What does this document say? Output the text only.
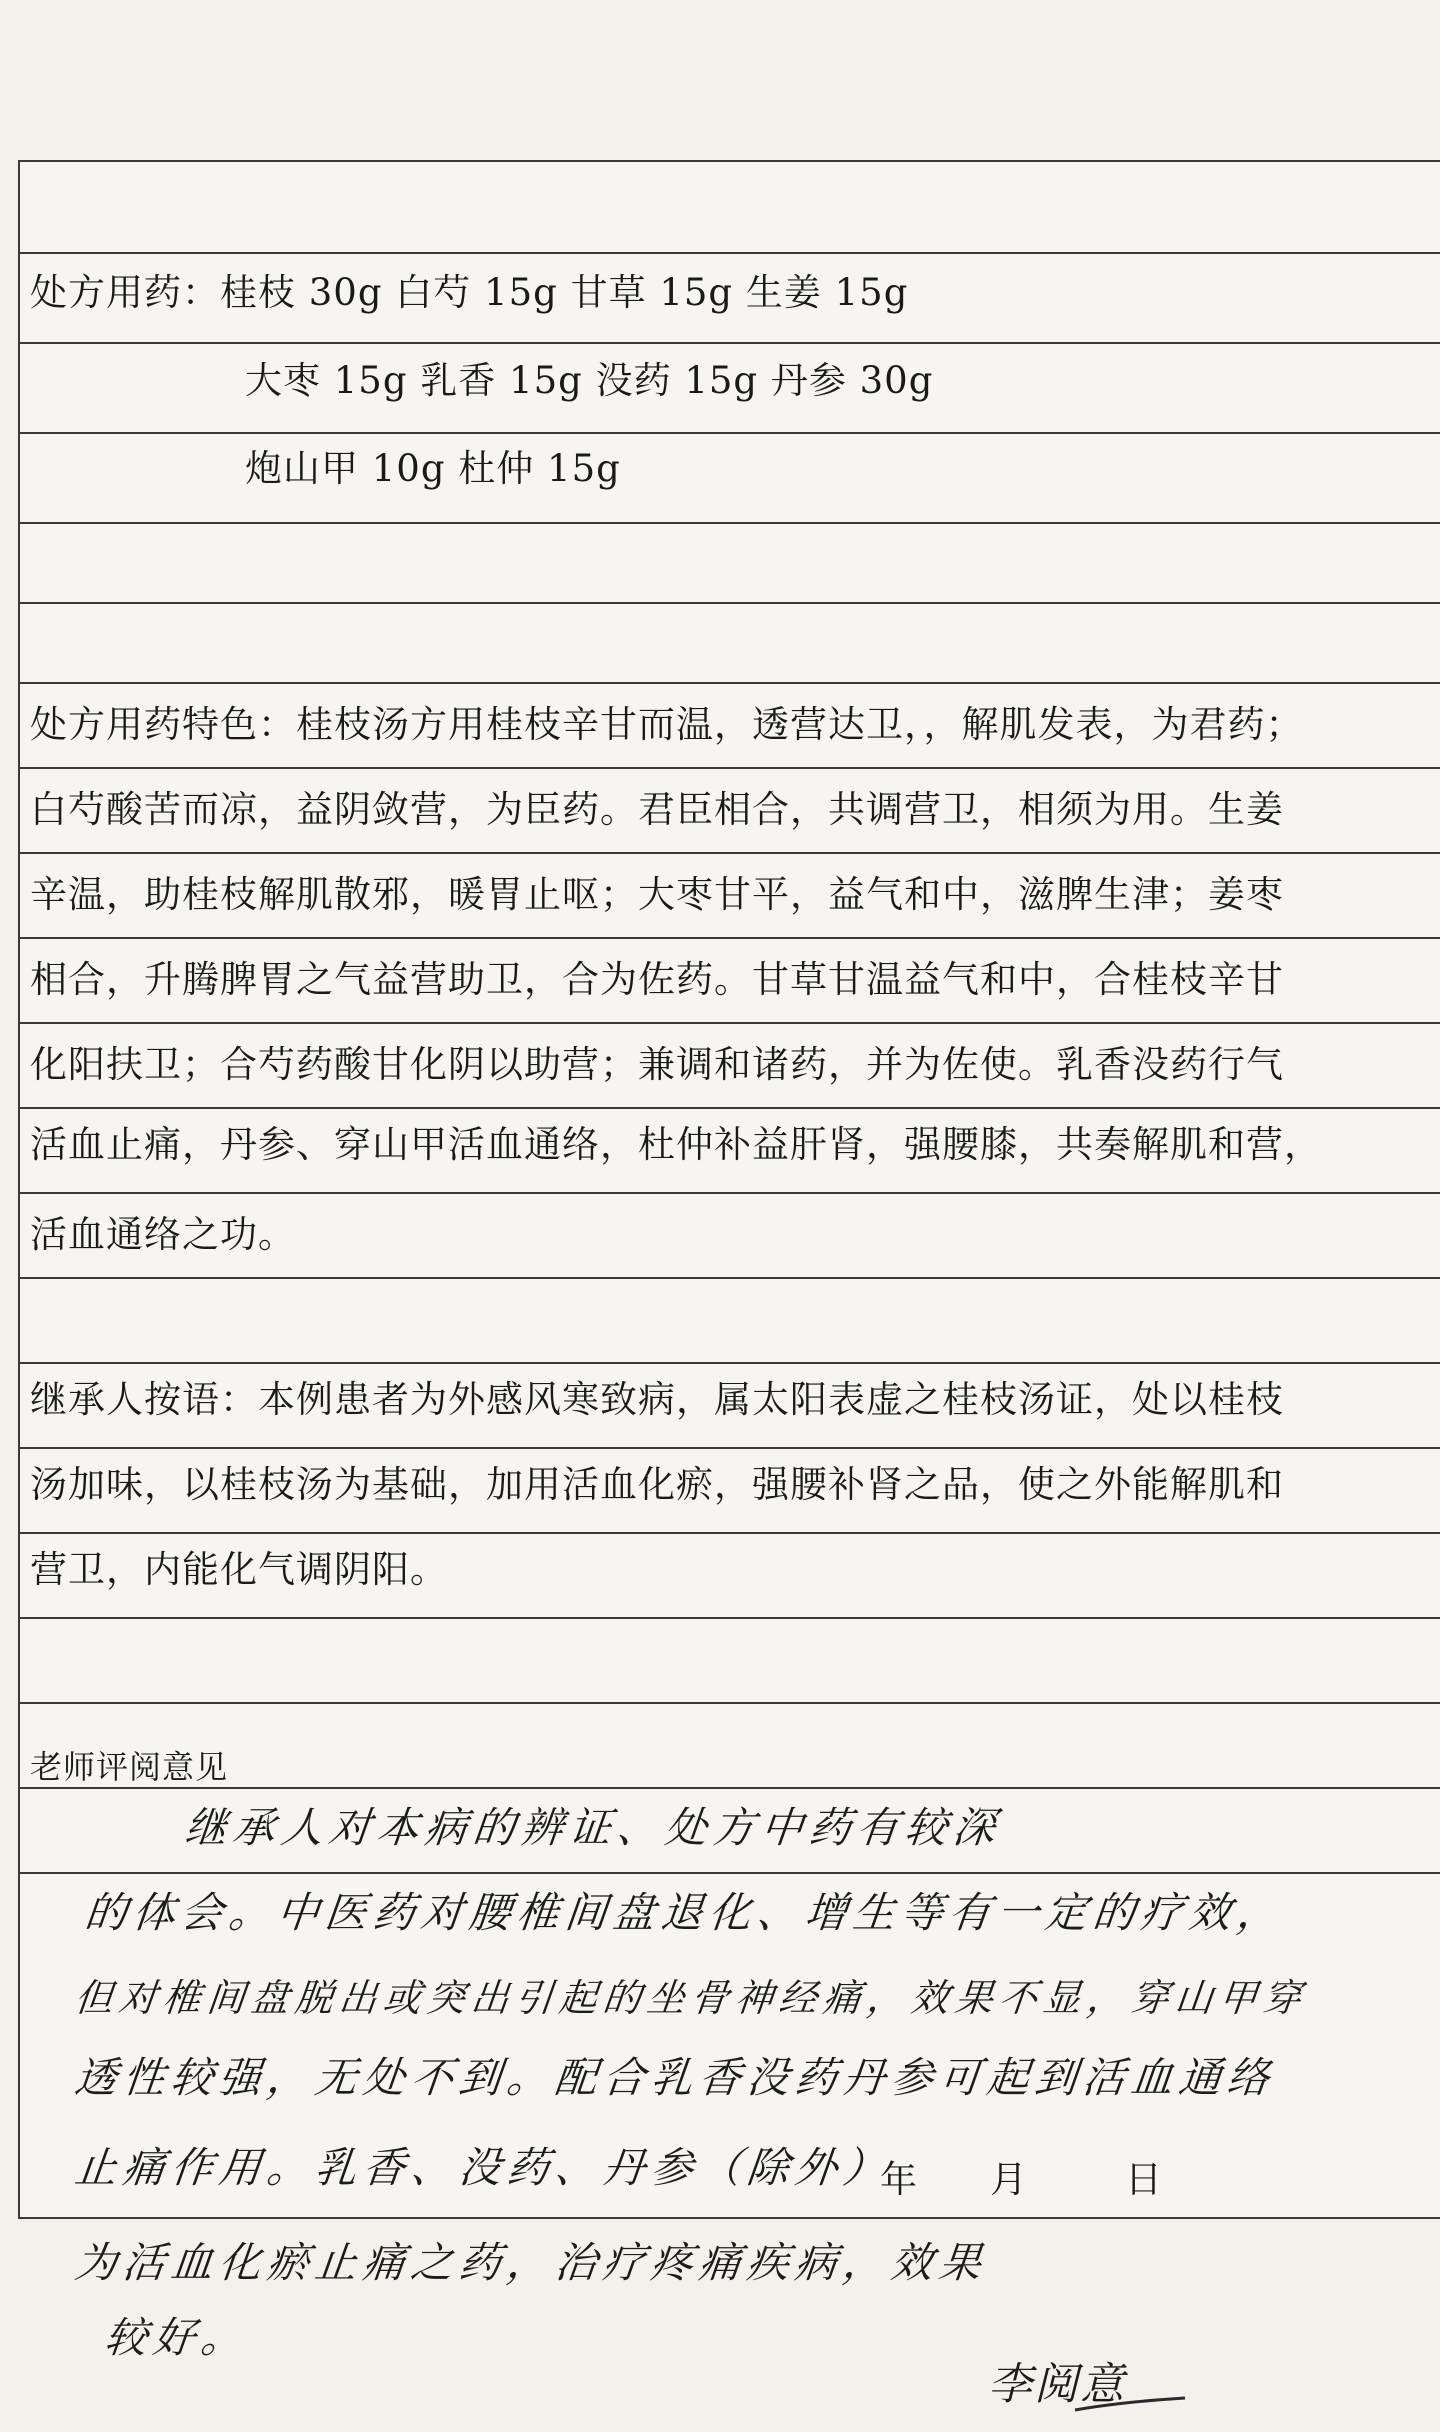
处方用药：桂枝 30g 白芍 15g 甘草 15g 生姜 15g
大枣 15g 乳香 15g 没药 15g 丹参 30g
炮山甲 10g 杜仲 15g
处方用药特色：桂枝汤方用桂枝辛甘而温，透营达卫，，解肌发表，为君药；
白芍酸苦而凉，益阴敛营，为臣药。君臣相合，共调营卫，相须为用。生姜
辛温，助桂枝解肌散邪，暖胃止呕；大枣甘平，益气和中，滋脾生津；姜枣
相合，升腾脾胃之气益营助卫，合为佐药。甘草甘温益气和中，合桂枝辛甘
化阳扶卫；合芍药酸甘化阴以助营；兼调和诸药，并为佐使。乳香没药行气
活血止痛，丹参、穿山甲活血通络，杜仲补益肝肾，强腰膝，共奏解肌和营，
活血通络之功。
继承人按语：本例患者为外感风寒致病，属太阳表虚之桂枝汤证，处以桂枝
汤加味，以桂枝汤为基础，加用活血化瘀，强腰补肾之品，使之外能解肌和
营卫，内能化气调阴阳。
老师评阅意见
继承人对本病的辨证、处方中药有较深
的体会。中医药对腰椎间盘退化、增生等有一定的疗效，
但对椎间盘脱出或突出引起的坐骨神经痛，效果不显，穿山甲穿
透性较强，无处不到。配合乳香没药丹参可起到活血通络
止痛作用。乳香、没药、丹参（除外）
年 月	日
为活血化瘀止痛之药，治疗疼痛疾病，效果
较好。
李阅意
